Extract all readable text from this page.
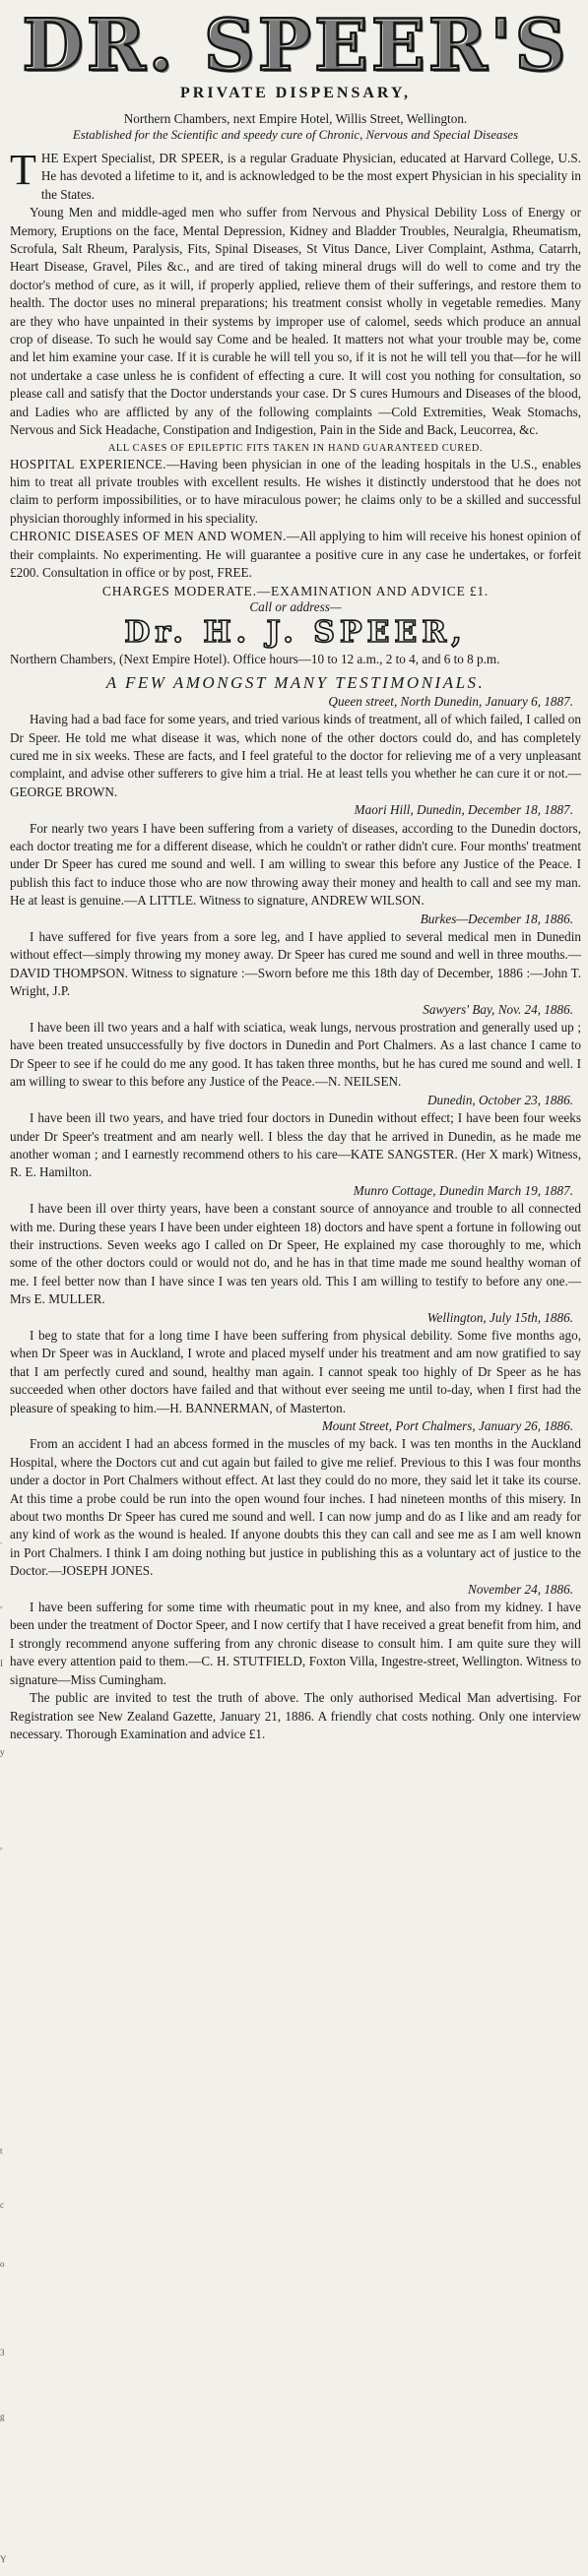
.
,
I
y
,
t
c
o
3
g
Y
DR. SPEER'S
PRIVATE DISPENSARY,

Northern Chambers, next Empire Hotel, Willis Street, Wellington.

Established for the Scientific and speedy cure of Chronic, Nervous and Special Diseases

THE Expert Specialist, DR SPEER, is a regular Graduate Physician, educated at Harvard College, U.S. He has devoted a lifetime to it, and is acknowledged to be the most expert Physician in his speciality in the States.

Young Men and middle-aged men who suffer from Nervous and Physical Debility Loss of Energy or Memory, Eruptions on the face, Mental Depression, Kidney and Bladder Troubles, Neuralgia, Rheumatism, Scrofula, Salt Rheum, Paralysis, Fits, Spinal Diseases, St Vitus Dance, Liver Complaint, Asthma, Catarrh, Heart Disease, Gravel, Piles &c., and are tired of taking mineral drugs will do well to come and try the doctor's method of cure, as it will, if properly applied, relieve them of their sufferings, and restore them to health. The doctor uses no mineral preparations; his treatment consist wholly in vegetable remedies. Many are they who have unpainted in their systems by improper use of calomel, seeds which produce an annual crop of disease. To such he would say Come and be healed. It matters not what your trouble may be, come and let him examine your case. If it is curable he will tell you so, if it is not he will tell you that—for he will not undertake a case unless he is confident of effecting a cure. It will cost you nothing for consultation, so please call and satisfy that the Doctor understands your case. Dr S cures Humours and Diseases of the blood, and Ladies who are afflicted by any of the following complaints —Cold Extremities, Weak Stomachs, Nervous and Sick Headache, Constipation and Indigestion, Pain in the Side and Back, Leucorrea, &c.

ALL CASES OF EPILEPTIC FITS TAKEN IN HAND GUARANTEED CURED.

HOSPITAL EXPERIENCE.—Having been physician in one of the leading hospitals in the U.S., enables him to treat all private troubles with excellent results. He wishes it distinctly understood that he does not claim to perform impossibilities, or to have miraculous power; he claims only to be a skilled and successful physician thoroughly informed in his speciality.

CHRONIC DISEASES OF MEN AND WOMEN.—All applying to him will receive his honest opinion of their complaints. No experimenting. He will guarantee a positive cure in any case he undertakes, or forfeit £200. Consultation in office or by post, FREE.

CHARGES MODERATE.—EXAMINATION AND ADVICE £1.
Call or address—
Dr. H. J. SPEER,

Northern Chambers, (Next Empire Hotel). Office hours—10 to 12 a.m., 2 to 4, and 6 to 8 p.m.

A FEW AMONGST MANY TESTIMONIALS.

Queen street, North Dunedin, January 6, 1887.

Having had a bad face for some years, and tried various kinds of treatment, all of which failed, I called on Dr Speer. He told me what disease it was, which none of the other doctors could do, and has completely cured me in six weeks. These are facts, and I feel grateful to the doctor for relieving me of a very unpleasant complaint, and advise other sufferers to give him a trial. He at least tells you whether he can cure it or not.—GEORGE BROWN.

Maori Hill, Dunedin, December 18, 1887.

For nearly two years I have been suffering from a variety of diseases, according to the Dunedin doctors, each doctor treating me for a different disease, which he couldn't or rather didn't cure. Four months' treatment under Dr Speer has cured me sound and well. I am willing to swear this before any Justice of the Peace. I publish this fact to induce those who are now throwing away their money and health to call and see my man. He at least is genuine.—A LITTLE. Witness to signature, ANDREW WILSON.

Burkes—December 18, 1886.

I have suffered for five years from a sore leg, and I have applied to several medical men in Dunedin without effect—simply throwing my money away. Dr Speer has cured me sound and well in three mouths.—DAVID THOMPSON. Witness to signature :—Sworn before me this 18th day of December, 1886 :—John T. Wright, J.P.

Sawyers' Bay, Nov. 24, 1886.

I have been ill two years and a half with sciatica, weak lungs, nervous prostration and generally used up ; have been treated unsuccessfully by five doctors in Dunedin and Port Chalmers. As a last chance I came to Dr Speer to see if he could do me any good. It has taken three months, but he has cured me sound and well. I am willing to swear to this before any Justice of the Peace.—N. NEILSEN.

Dunedin, October 23, 1886.

I have been ill two years, and have tried four doctors in Dunedin without effect; I have been four weeks under Dr Speer's treatment and am nearly well. I bless the day that he arrived in Dunedin, as he made me another woman ; and I earnestly recommend others to his care—KATE SANGSTER. (Her X mark) Witness, R. E. Hamilton.

Munro Cottage, Dunedin March 19, 1887.

I have been ill over thirty years, have been a constant source of annoyance and trouble to all connected with me. During these years I have been under eighteen 18) doctors and have spent a fortune in following out their instructions. Seven weeks ago I called on Dr Speer, He explained my case thoroughly to me, which some of the other doctors could or would not do, and he has in that time made me sound healthy woman of me. I feel better now than I have since I was ten years old. This I am willing to testify to before any one.—Mrs E. MULLER.

Wellington, July 15th, 1886.

I beg to state that for a long time I have been suffering from physical debility. Some five months ago, when Dr Speer was in Auckland, I wrote and placed myself under his treatment and am now gratified to say that I am perfectly cured and sound, healthy man again. I cannot speak too highly of Dr Speer as he has succeeded when other doctors have failed and that without ever seeing me until to-day, when I first had the pleasure of speaking to him.—H. BANNERMAN, of Masterton.

Mount Street, Port Chalmers, January 26, 1886.

From an accident I had an abcess formed in the muscles of my back. I was ten months in the Auckland Hospital, where the Doctors cut and cut again but failed to give me relief. Previous to this I was four months under a doctor in Port Chalmers without effect. At last they could do no more, they said let it take its course. At this time a probe could be run into the open wound four inches. I had nineteen months of this misery. In about two months Dr Speer has cured me sound and well. I can now jump and do as I like and am ready for any kind of work as the wound is healed. If anyone doubts this they can call and see me as I am well known in Port Chalmers. I think I am doing nothing but justice in publishing this as a voluntary act of justice to the Doctor.—JOSEPH JONES.

November 24, 1886.

I have been suffering for some time with rheumatic pout in my knee, and also from my kidney. I have been under the treatment of Doctor Speer, and I now certify that I have received a great benefit from him, and I strongly recommend anyone suffering from any chronic disease to consult him. I am quite sure they will have every attention paid to them.—C. H. STUTFIELD, Foxton Villa, Ingestre-street, Wellington. Witness to signature—Miss Cumingham.

The public are invited to test the truth of above. The only authorised Medical Man advertising. For Registration see New Zealand Gazette, January 21, 1886. A friendly chat costs nothing. Only one interview necessary. Thorough Examination and advice £1.
